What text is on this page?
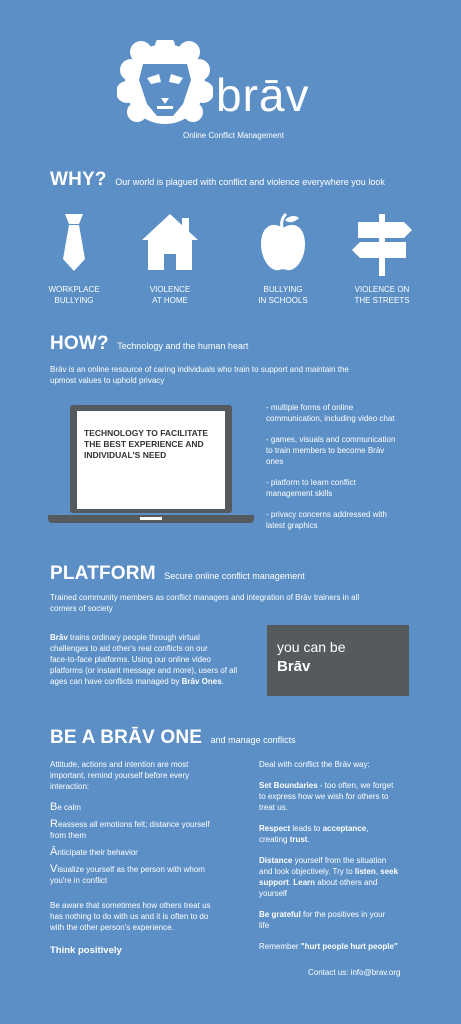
brāv
Online Conflict Management
WHY? Our world is plagued with conflict and violence everywhere you look
WORKPLACE
BULLYING
VIOLENCE
AT HOME
BULLYING
IN SCHOOLS
VIOLENCE ON
THE STREETS
HOW? Technology and the human heart
Brāv is an online resource of caring individuals who train to support and maintain the
upmost values to uphold privacy
TECHNOLOGY TO FACILITATE
THE BEST EXPERIENCE AND
INDIVIDUAL'S NEED
- multiple forms of online
communication, including video chat
- games, visuals and communication
to train members to become Brāv
ones
- platform to learn conflict
management skills
- privacy concerns addressed with
latest graphics
PLATFORM Secure online conflict management
Trained community members as conflict managers and integration of Brāv trainers in all
corners of society
Brāv trains ordinary people through virtual
challenges to aid other's real conflicts on our
face-to-face platforms. Using our online video
platforms (or instant message and more), users of all
ages can have conflicts managed by Brāv Ones.
you can be
Brāv
BE A BRĀV ONE and manage conflicts
Attitude, actions and intention are most
important, remind yourself before every
interaction:
Be calm
Reassess all emotions felt; distance yourself
from them
Ānticipate their behavior
Visualize yourself as the person with whom
you're in conflict
Be aware that sometimes how others treat us
has nothing to do with us and it is often to do
with the other person's experience.
Think positively
Deal with conflict the Brāv way:
Set Boundaries - too often, we forget
to express how we wish for others to
treat us.
Respect leads to acceptance,
creating trust.
Distance yourself from the situation
and look objectively. Try to listen, seek
support. Learn about others and
yourself
Be grateful for the positives in your
life
Remember "hurt people hurt people"
Contact us: info@brav.org
